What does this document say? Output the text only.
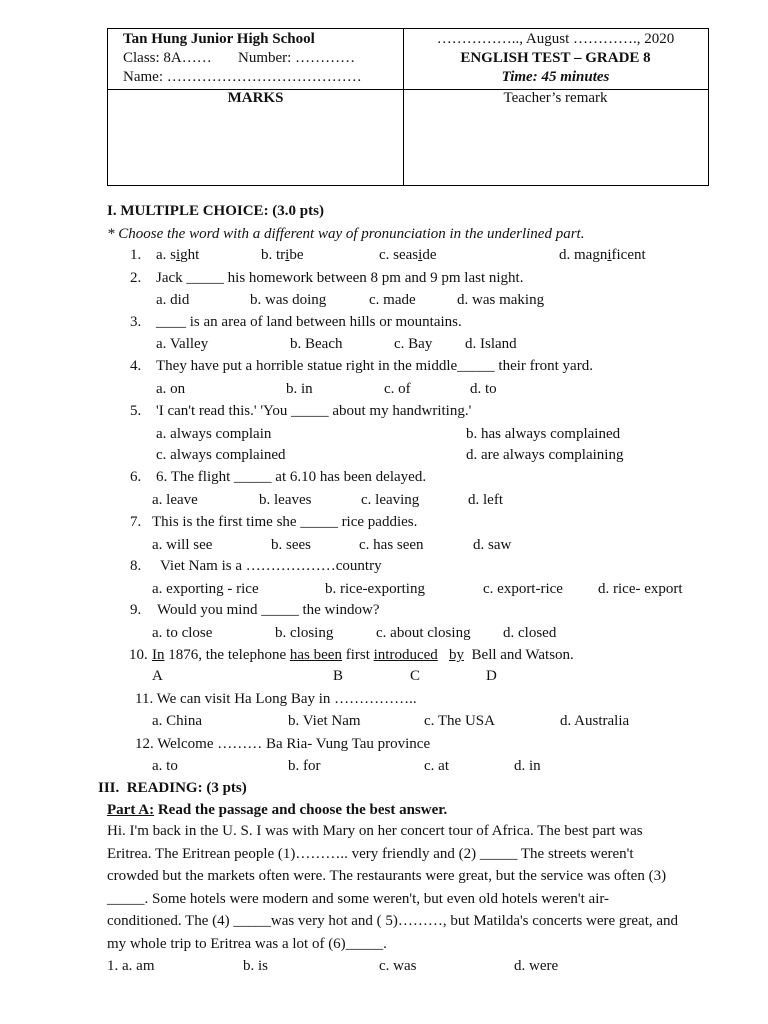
Tan Hung Junior High School
Class: 8A……       Number: …………
Name: …………………………………
…………….., August …………., 2020
ENGLISH TEST – GRADE 8
Time: 45 minutes
MARKS	Teacher’s remark
I. MULTIPLE CHOICE: (3.0 pts)
* Choose the word with a different way of pronunciation in the underlined part.
1. a. sight	b. tribe	c. seaside	d. magnificent
2. Jack _____ his homework between 8 pm and 9 pm last night.
a. did	b. was doing	c. made	d. was making
3. ____ is an area of land between hills or mountains.
a. Valley	b. Beach	c. Bay d. Island
4. They have put a horrible statue right in the middle_____ their front yard.
a. on	b. in	c. of	d. to
5. 'I can't read this.' 'You _____ about my handwriting.'
a. always complain	b. has always complained
c. always complained	d. are always complaining
6. 6. The flight _____ at 6.10 has been delayed.
a. leave	b. leaves	c. leaving	d. left
7. This is the first time she _____ rice paddies.
a. will see	b. sees	c. has seen	d. saw
8. Viet Nam is a ………………country
a. exporting - rice	b. rice-exporting	c. export-rice d. rice- export
9. Would you mind _____ the window?
a. to close	b. closing	c. about closing d. closed
10. In 1876, the telephone has been first introduced by  Bell and Watson.
A	B	C	D
11. We can visit Ha Long Bay in ……………..
a. China	b. Viet Nam	c. The USA	d. Australia
12. Welcome ……… Ba Ria- Vung Tau province
a. to	b. for	c. at	d. in
III.  READING: (3 pts)
Part A: Read the passage and choose the best answer.

Hi. I'm back in the U. S. I was with Mary on her concert tour of Africa. The best part was

Eritrea. The Eritrean people (1)……….. very friendly and (2) _____ The streets weren't

crowded but the markets often were. The restaurants were great, but the service was often (3)

_____. Some hotels were modern and some weren't, but even old hotels weren't air-

conditioned. The (4) _____was very hot and ( 5)………, but Matilda's concerts were great, and

my whole trip to Eritrea was a lot of (6)_____.

1. a. am	b. is	c. was	d. were
